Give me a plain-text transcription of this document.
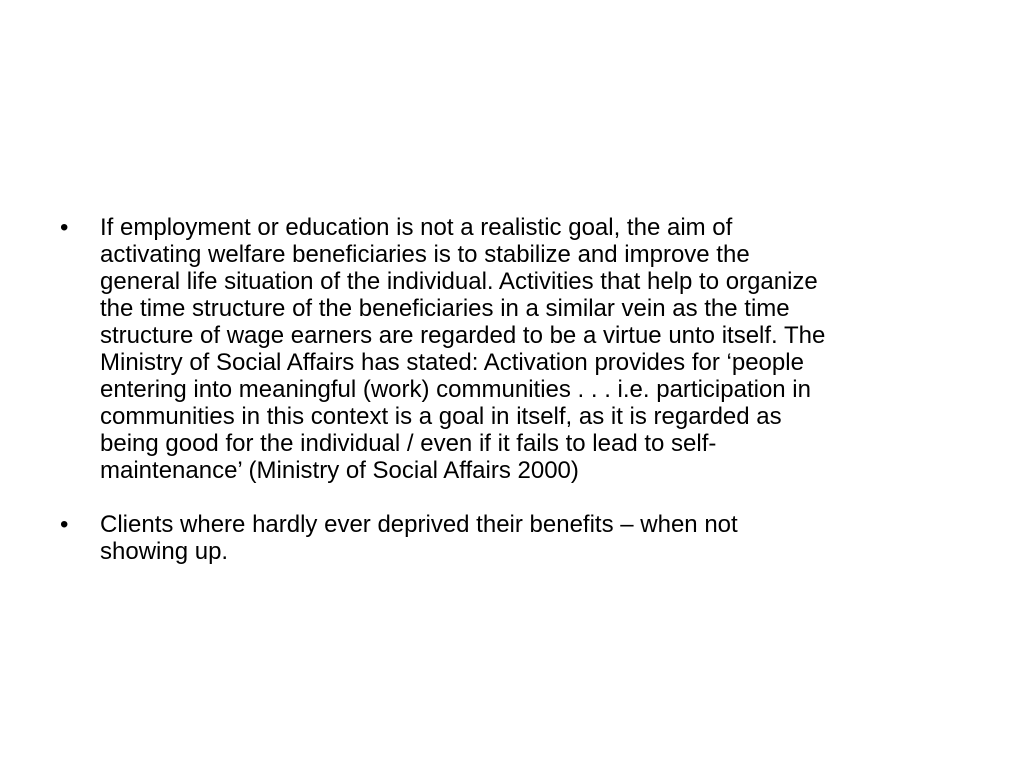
• If employment or education is not a realistic goal, the aim of
activating welfare beneficiaries is to stabilize and improve the
general life situation of the individual. Activities that help to organize
the time structure of the beneficiaries in a similar vein as the time
structure of wage earners are regarded to be a virtue unto itself. The
Ministry of Social Affairs has stated: Activation provides for ‘people
entering into meaningful (work) communities . . . i.e. participation in
communities in this context is a goal in itself, as it is regarded as
being good for the individual / even if it fails to lead to self-
maintenance’ (Ministry of Social Affairs 2000)
• Clients where hardly ever deprived their benefits – when not
showing up.
